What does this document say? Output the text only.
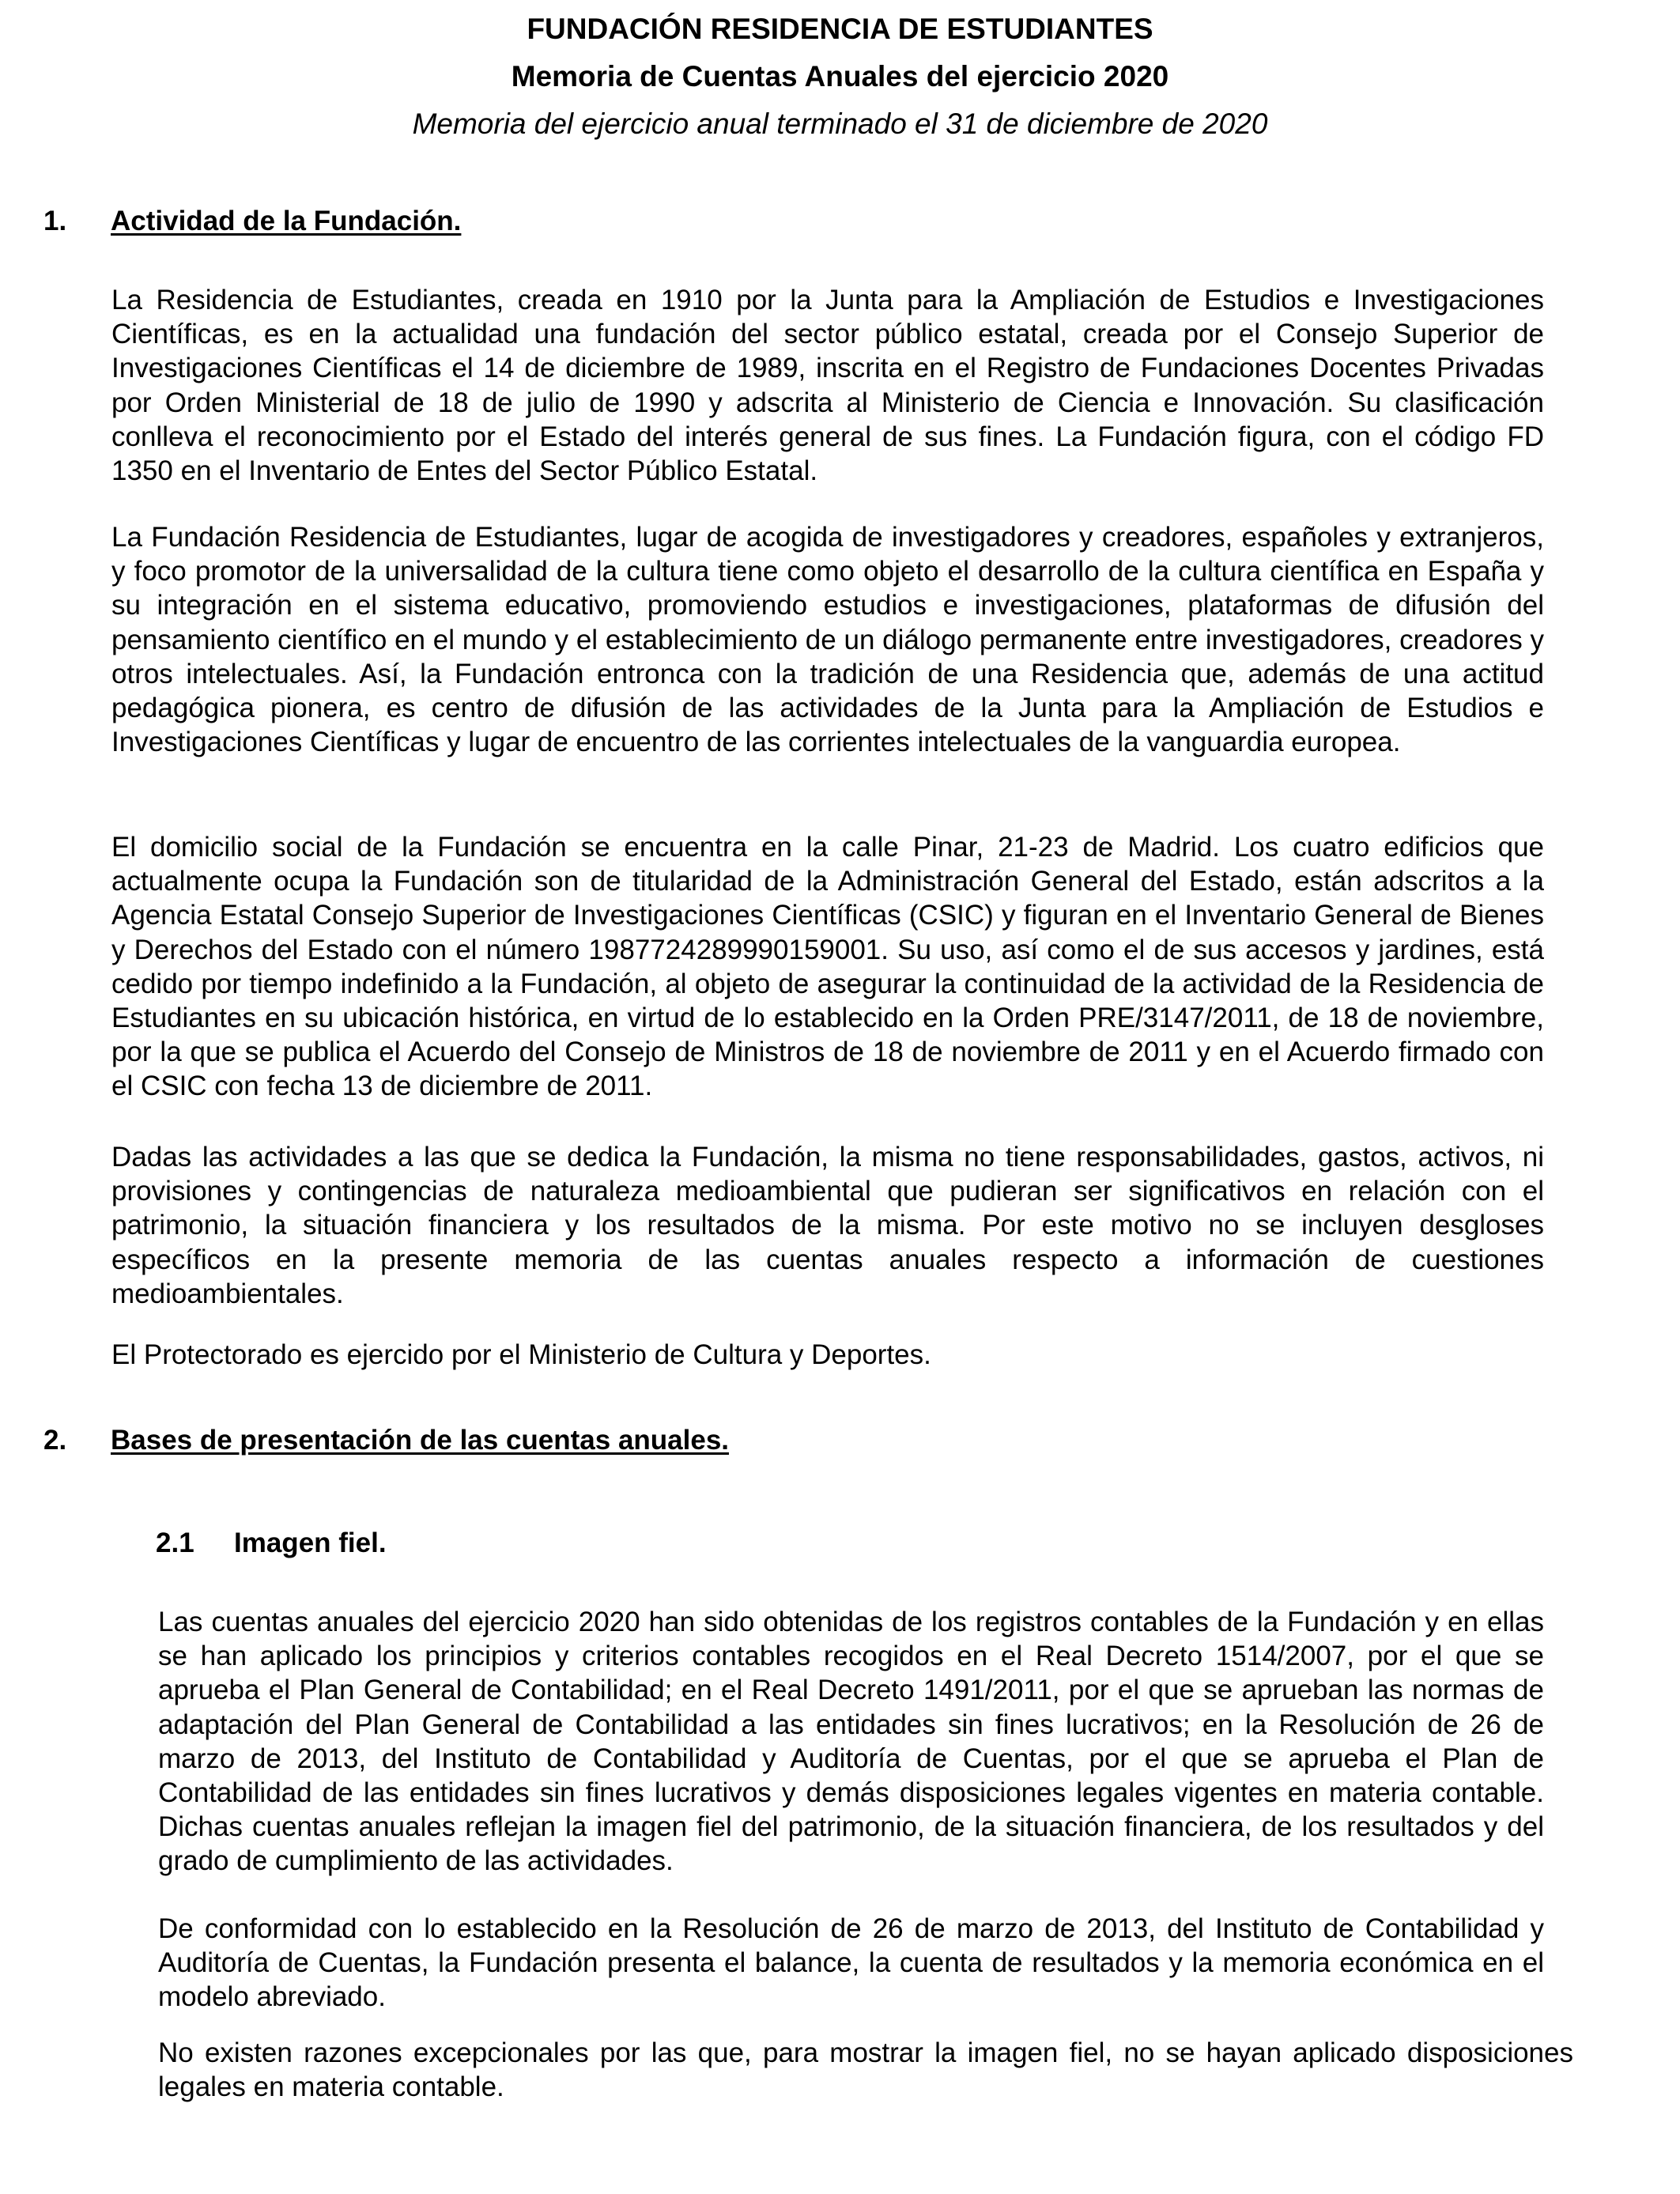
FUNDACIÓN RESIDENCIA DE ESTUDIANTES
Memoria de Cuentas Anuales del ejercicio 2020
Memoria del ejercicio anual terminado el 31 de diciembre de 2020
1.	Actividad de la Fundación.
La Residencia de Estudiantes, creada en 1910 por la Junta para la Ampliación de Estudios e Investigaciones Científicas, es en la actualidad una fundación del sector público estatal, creada por el Consejo Superior de Investigaciones Científicas el 14 de diciembre de 1989, inscrita en el Registro de Fundaciones Docentes Privadas por Orden Ministerial de 18 de julio de 1990 y adscrita al Ministerio de Ciencia e Innovación. Su clasificación conlleva el reconocimiento por el Estado del interés general de sus fines. La Fundación figura, con el código FD 1350 en el Inventario de Entes del Sector Público Estatal.
La Fundación Residencia de Estudiantes, lugar de acogida de investigadores y creadores, españoles y extranjeros, y foco promotor de la universalidad de la cultura tiene como objeto el desarrollo de la cultura científica en España y su integración en el sistema educativo, promoviendo estudios e investigaciones, plataformas de difusión del pensamiento científico en el mundo y el establecimiento de un diálogo permanente entre investigadores, creadores y otros intelectuales. Así, la Fundación entronca con la tradición de una Residencia que, además de una actitud pedagógica pionera, es centro de difusión de las actividades de la Junta para la Ampliación de Estudios e Investigaciones Científicas y lugar de encuentro de las corrientes intelectuales de la vanguardia europea.
El domicilio social de la Fundación se encuentra en la calle Pinar, 21-23 de Madrid. Los cuatro edificios que actualmente ocupa la Fundación son de titularidad de la Administración General del Estado, están adscritos a la Agencia Estatal Consejo Superior de Investigaciones Científicas (CSIC) y figuran en el Inventario General de Bienes y Derechos del Estado con el número 1987724289990159001. Su uso, así como el de sus accesos y jardines, está cedido por tiempo indefinido a la Fundación, al objeto de asegurar la continuidad de la actividad de la Residencia de Estudiantes en su ubicación histórica, en virtud de lo establecido en la Orden PRE/3147/2011, de 18 de noviembre, por la que se publica el Acuerdo del Consejo de Ministros de 18 de noviembre de 2011 y en el Acuerdo firmado con el CSIC con fecha 13 de diciembre de 2011.
Dadas las actividades a las que se dedica la Fundación, la misma no tiene responsabilidades, gastos, activos, ni provisiones y contingencias de naturaleza medioambiental que pudieran ser significativos en relación con el patrimonio, la situación financiera y los resultados de la misma. Por este motivo no se incluyen desgloses específicos en la presente memoria de las cuentas anuales respecto a información de cuestiones medioambientales.
El Protectorado es ejercido por el Ministerio de Cultura y Deportes.
2.	Bases de presentación de las cuentas anuales.
2.1	Imagen fiel.
Las cuentas anuales del ejercicio 2020 han sido obtenidas de los registros contables de la Fundación y en ellas se han aplicado los principios y criterios contables recogidos en el Real Decreto 1514/2007, por el que se aprueba el Plan General de Contabilidad; en el Real Decreto 1491/2011, por el que se aprueban las normas de adaptación del Plan General de Contabilidad a las entidades sin fines lucrativos; en la Resolución de 26 de marzo de 2013, del Instituto de Contabilidad y Auditoría de Cuentas, por el que se aprueba el Plan de Contabilidad de las entidades sin fines lucrativos y demás disposiciones legales vigentes en materia contable. Dichas cuentas anuales reflejan la imagen fiel del patrimonio, de la situación financiera, de los resultados y del grado de cumplimiento de las actividades.
De conformidad con lo establecido en la Resolución de 26 de marzo de 2013, del Instituto de Contabilidad y Auditoría de Cuentas, la Fundación presenta el balance, la cuenta de resultados y la memoria económica en el modelo abreviado.
No existen razones excepcionales por las que, para mostrar la imagen fiel, no se hayan aplicado disposiciones legales en materia contable.
